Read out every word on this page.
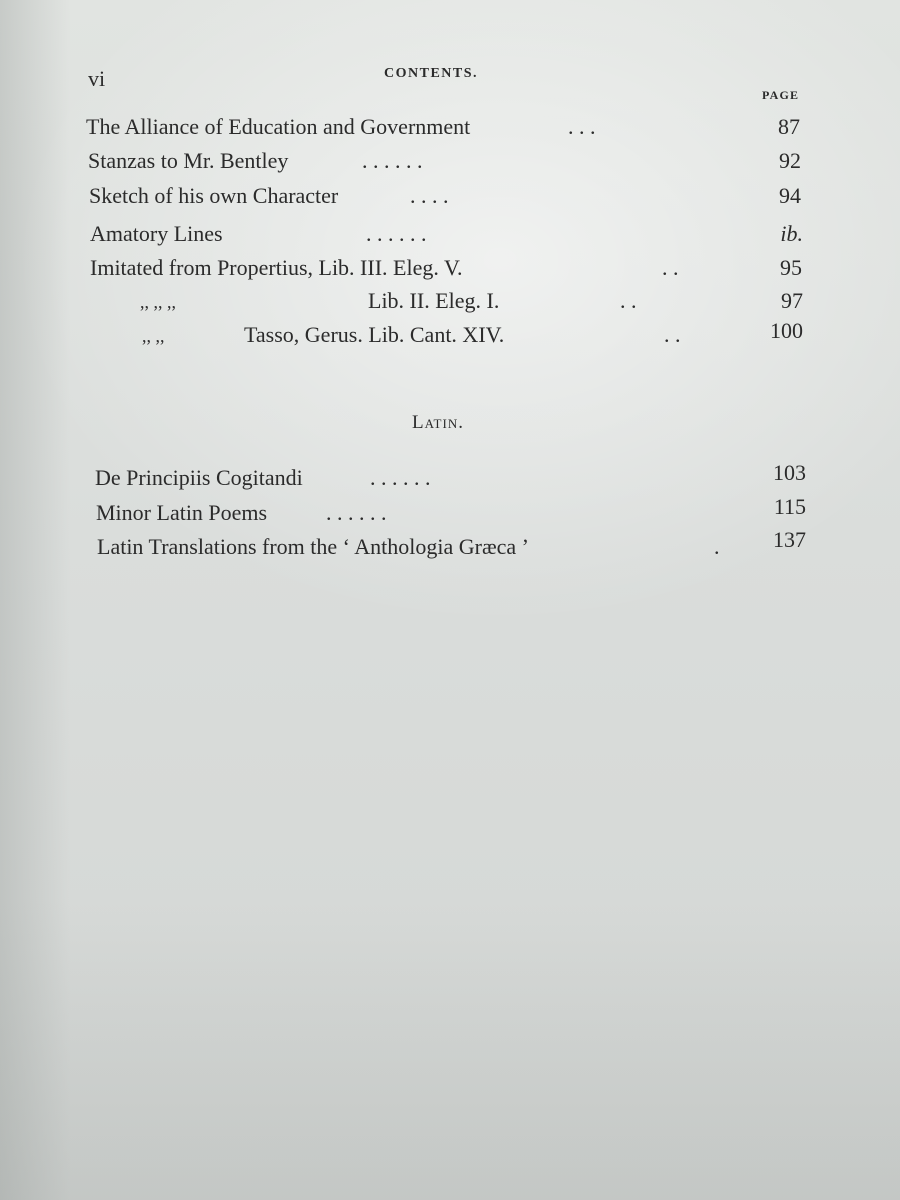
vi	CONTENTS.
PAGE
The Alliance of Education and Government	. . .	87
Stanzas to Mr. Bentley	. . . . . .	92
Sketch of his own Character	. . . .	94
Amatory Lines	. . . . . .	ib.
Imitated from Propertius, Lib. III. Eleg. V.	. .	95
,, ,, ,,	Lib. II. Eleg. I.	. .	97
,, ,,	Tasso, Gerus. Lib. Cant. XIV.	. .	100
Latin.
De Principiis Cogitandi	. . . . . .	103
Minor Latin Poems	. . . . . .	115
Latin Translations from the ‘ Anthologia Græca ’	.	137
